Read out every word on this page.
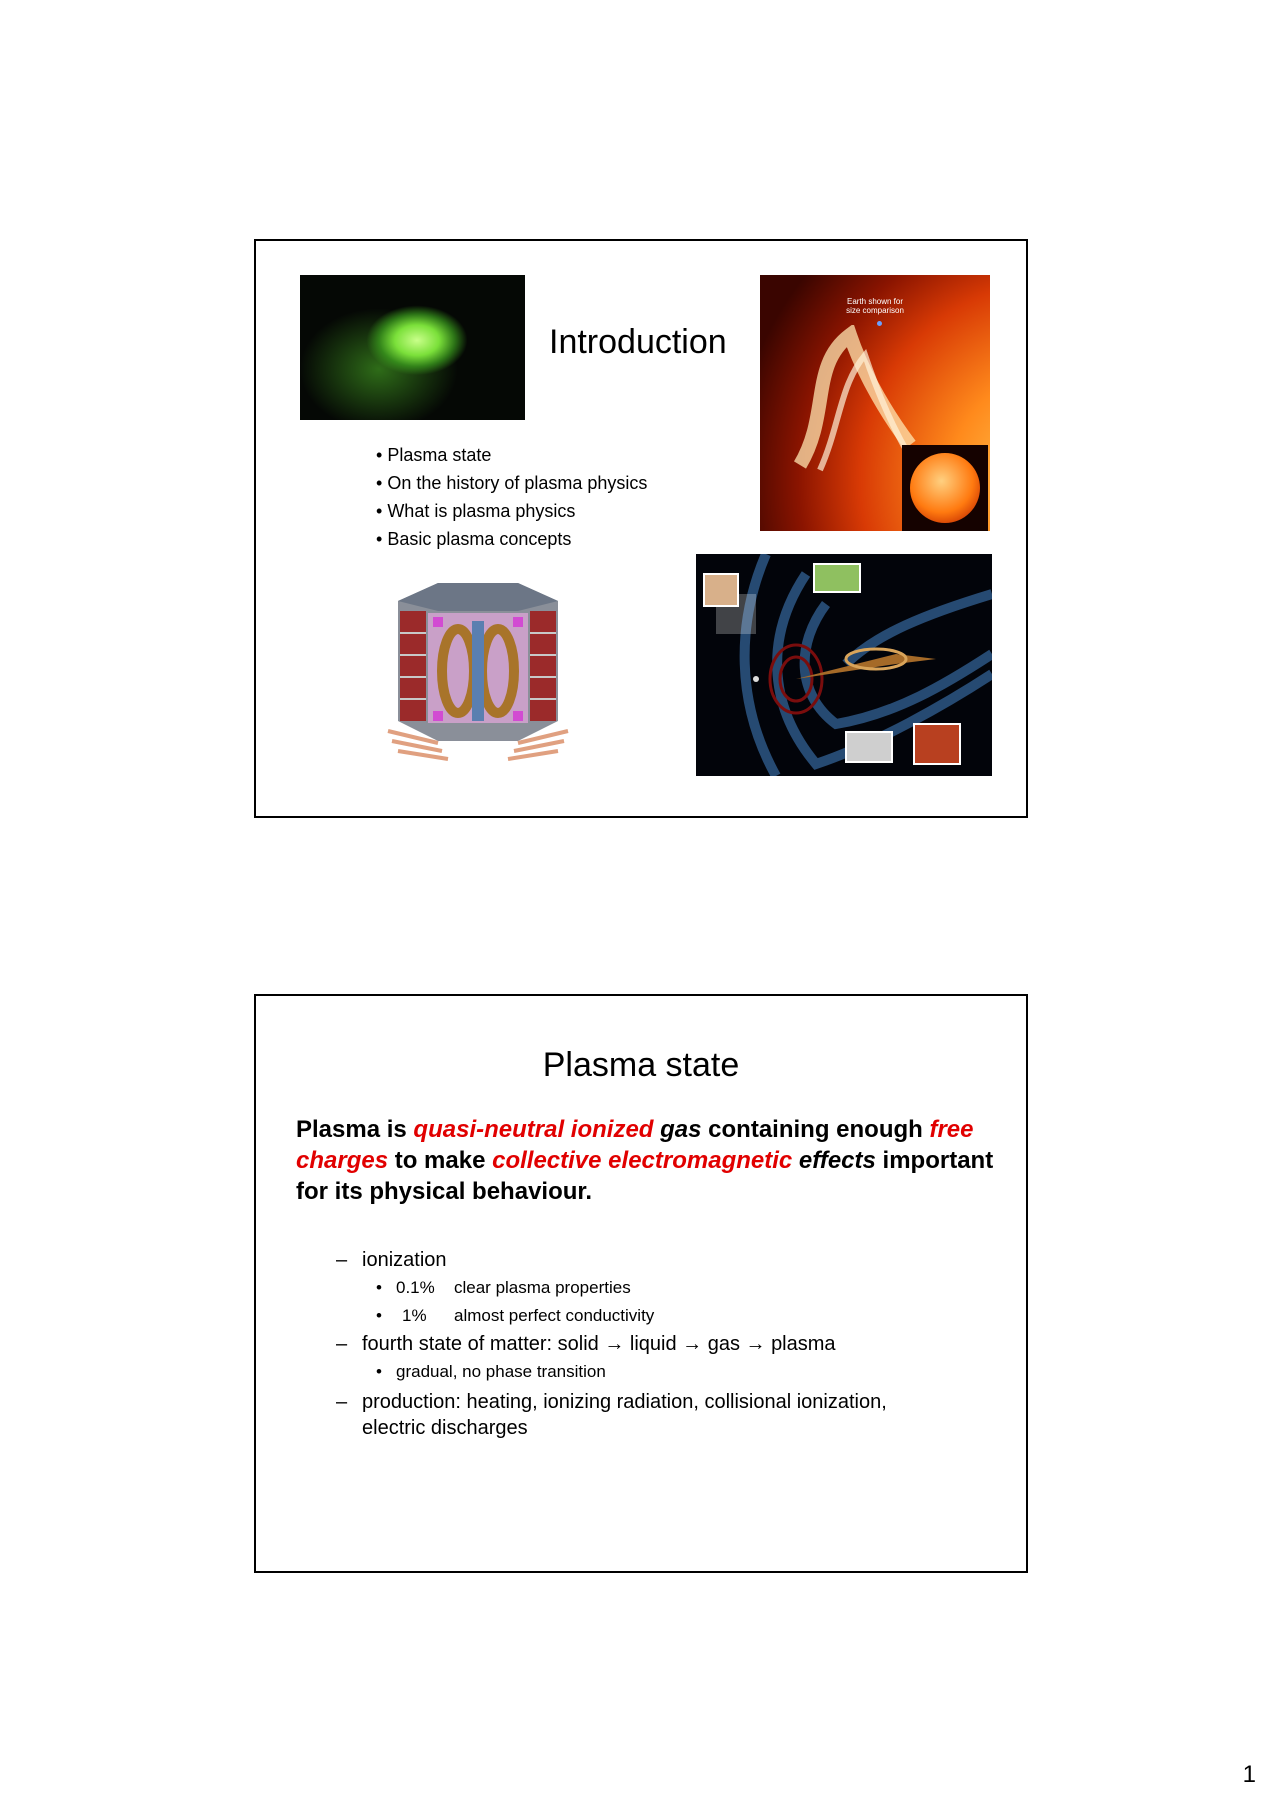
Introduction
Earth shown for size comparison
• Plasma state
• On the history of plasma physics
• What is plasma physics
• Basic plasma concepts
Plasma state

Plasma is quasi-neutral ionized gas containing enough free charges to make collective electromagnetic effects important for its physical behaviour.

– ionization
• 0.1% clear plasma properties
• 1% almost perfect conductivity
– fourth state of matter: solid → liquid → gas → plasma
• gradual, no phase transition
– production: heating, ionizing radiation, collisional ionization,
electric discharges
1
